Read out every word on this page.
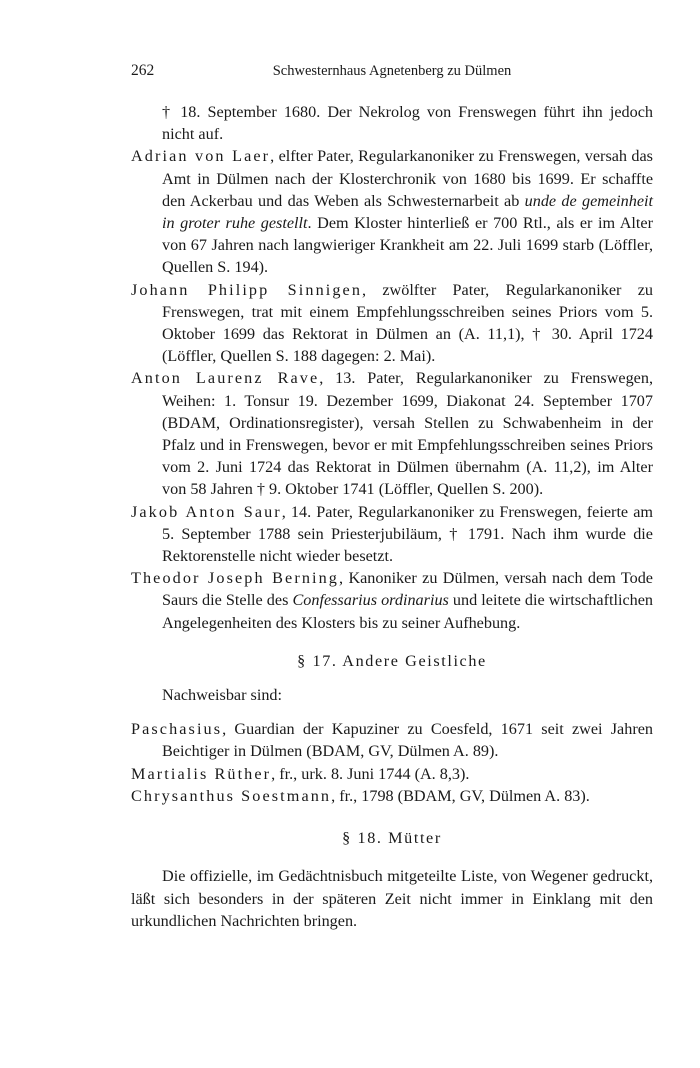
262	Schwesternhaus Agnetenberg zu Dülmen

† 18. September 1680. Der Nekrolog von Frenswegen führt ihn jedoch nicht auf.

Adrian von Laer, elfter Pater, Regularkanoniker zu Frenswegen, versah das Amt in Dülmen nach der Klosterchronik von 1680 bis 1699. Er schaffte den Ackerbau und das Weben als Schwesternarbeit ab unde de gemeinheit in groter ruhe gestellt. Dem Kloster hinterließ er 700 Rtl., als er im Alter von 67 Jahren nach langwieriger Krankheit am 22. Juli 1699 starb (Löffler, Quellen S. 194).

Johann Philipp Sinnigen, zwölfter Pater, Regularkanoniker zu Frenswegen, trat mit einem Empfehlungsschreiben seines Priors vom 5. Oktober 1699 das Rektorat in Dülmen an (A. 11,1), † 30. April 1724 (Löffler, Quellen S. 188 dagegen: 2. Mai).

Anton Laurenz Rave, 13. Pater, Regularkanoniker zu Frenswegen, Weihen: 1. Tonsur 19. Dezember 1699, Diakonat 24. September 1707 (BDAM, Ordinationsregister), versah Stellen zu Schwabenheim in der Pfalz und in Frenswegen, bevor er mit Empfehlungsschreiben seines Priors vom 2. Juni 1724 das Rektorat in Dülmen übernahm (A. 11,2), im Alter von 58 Jahren † 9. Oktober 1741 (Löffler, Quellen S. 200).

Jakob Anton Saur, 14. Pater, Regularkanoniker zu Frenswegen, feierte am 5. September 1788 sein Priesterjubiläum, † 1791. Nach ihm wurde die Rektorenstelle nicht wieder besetzt.

Theodor Joseph Berning, Kanoniker zu Dülmen, versah nach dem Tode Saurs die Stelle des Confessarius ordinarius und leitete die wirtschaftlichen Angelegenheiten des Klosters bis zu seiner Aufhebung.

§ 17. Andere Geistliche

Nachweisbar sind:

Paschasius, Guardian der Kapuziner zu Coesfeld, 1671 seit zwei Jahren Beichtiger in Dülmen (BDAM, GV, Dülmen A. 89).

Martialis Rüther, fr., urk. 8. Juni 1744 (A. 8,3).

Chrysanthus Soestmann, fr., 1798 (BDAM, GV, Dülmen A. 83).

§ 18. Mütter

Die offizielle, im Gedächtnisbuch mitgeteilte Liste, von Wegener gedruckt, läßt sich besonders in der späteren Zeit nicht immer in Einklang mit den urkundlichen Nachrichten bringen.
